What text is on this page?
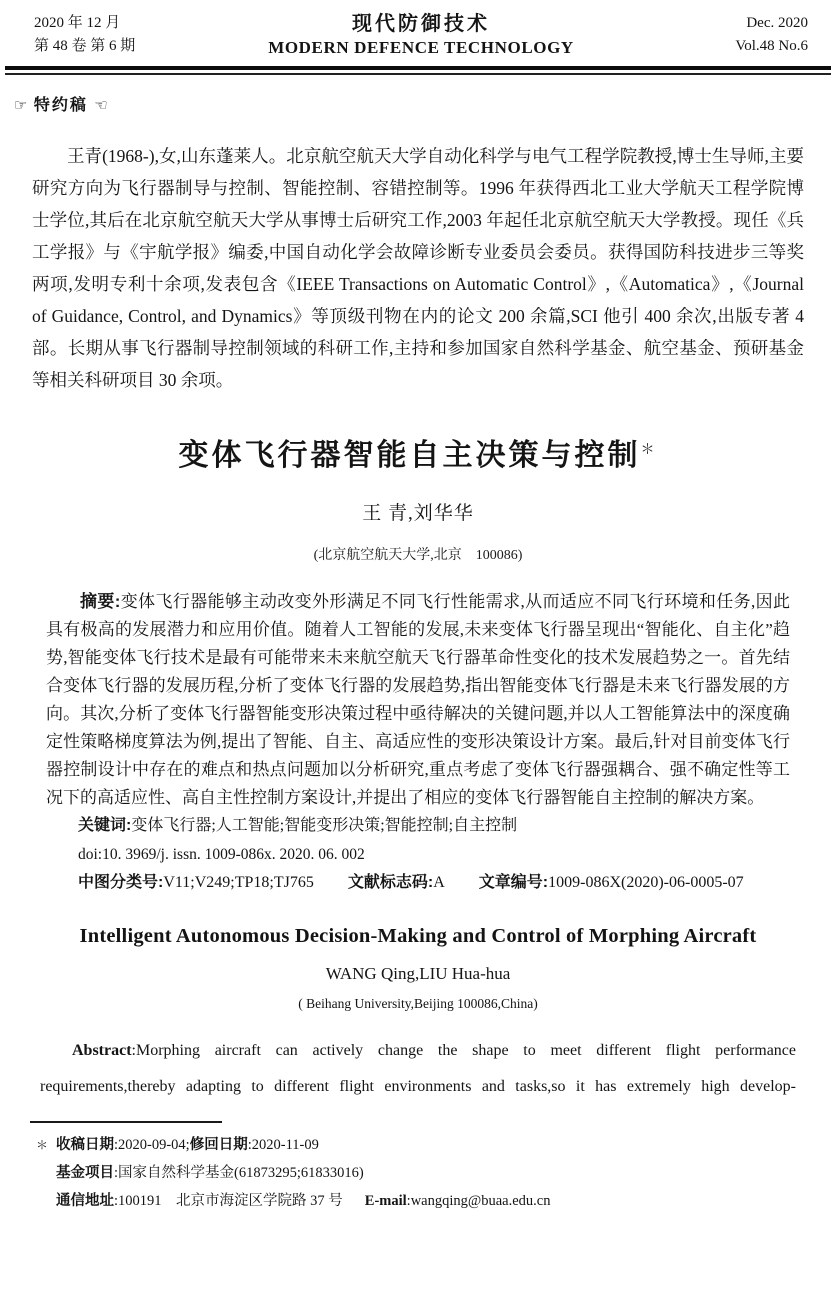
2020 年 12 月
第 48 卷 第 6 期
现代防御技术
MODERN DEFENCE TECHNOLOGY
Dec. 2020
Vol.48 No.6
☞ 特约稿 ☜

王青(1968-),女,山东蓬莱人。北京航空航天大学自动化科学与电气工程学院教授,博士生导师,主要研究方向为飞行器制导与控制、智能控制、容错控制等。1996 年获得西北工业大学航天工程学院博士学位,其后在北京航空航天大学从事博士后研究工作,2003 年起任北京航空航天大学教授。现任《兵工学报》与《宇航学报》编委,中国自动化学会故障诊断专业委员会委员。获得国防科技进步三等奖两项,发明专利十余项,发表包含《IEEE Transactions on Automatic Control》,《Automatica》,《Journal of Guidance, Control, and Dynamics》等顶级刊物在内的论文 200 余篇,SCI 他引 400 余次,出版专著 4 部。长期从事飞行器制导控制领域的科研工作,主持和参加国家自然科学基金、航空基金、预研基金等相关科研项目 30 余项。

变体飞行器智能自主决策与控制＊
王 青,刘华华
(北京航空航天大学,北京　100086)

摘要:变体飞行器能够主动改变外形满足不同飞行性能需求,从而适应不同飞行环境和任务,因此具有极高的发展潜力和应用价值。随着人工智能的发展,未来变体飞行器呈现出“智能化、自主化”趋势,智能变体飞行技术是最有可能带来未来航空航天飞行器革命性变化的技术发展趋势之一。首先结合变体飞行器的发展历程,分析了变体飞行器的发展趋势,指出智能变体飞行器是未来飞行器发展的方向。其次,分析了变体飞行器智能变形决策过程中亟待解决的关键问题,并以人工智能算法中的深度确定性策略梯度算法为例,提出了智能、自主、高适应性的变形决策设计方案。最后,针对目前变体飞行器控制设计中存在的难点和热点问题加以分析研究,重点考虑了变体飞行器强耦合、强不确定性等工况下的高适应性、高自主性控制方案设计,并提出了相应的变体飞行器智能自主控制的解决方案。

关键词:变体飞行器;人工智能;智能变形决策;智能控制;自主控制

doi:10. 3969/j. issn. 1009-086x. 2020. 06. 002

中图分类号:V11;V249;TP18;TJ765 文献标志码:A 文章编号:1009-086X(2020)-06-0005-07

Intelligent Autonomous Decision-Making and Control of Morphing Aircraft
WANG Qing,LIU Hua-hua
( Beihang University,Beijing 100086,China)

Abstract:Morphing aircraft can actively change the shape to meet different flight performance requirements,thereby adapting to different flight environments and tasks,so it has extremely high develop-

＊ 收稿日期:2020-09-04;修回日期:2020-11-09
基金项目:国家自然科学基金(61873295;61833016)
通信地址:100191　北京市海淀区学院路 37 号 E-mail:wangqing@buaa.edu.cn
